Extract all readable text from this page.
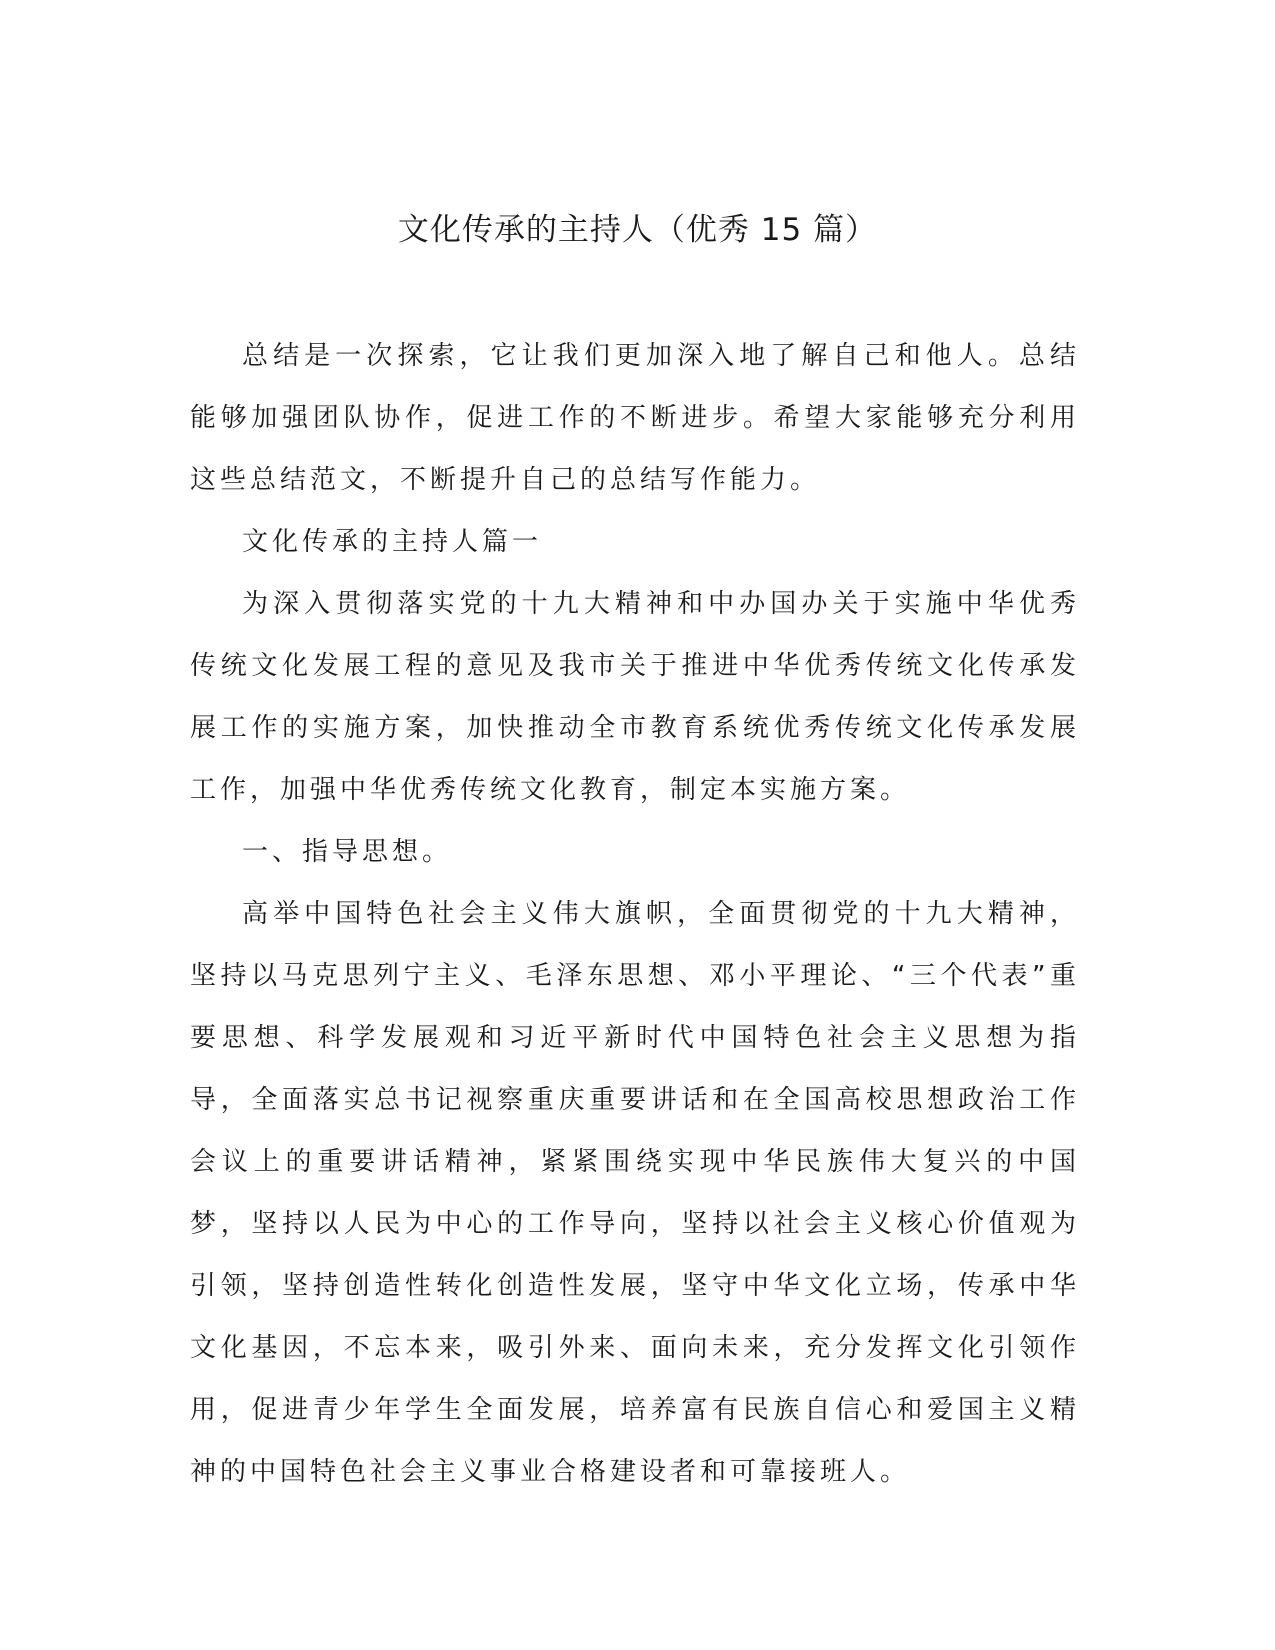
文化传承的主持人（优秀 15 篇）

总结是一次探索，它让我们更加深入地了解自己和他人。总结能够加强团队协作，促进工作的不断进步。希望大家能够充分利用这些总结范文，不断提升自己的总结写作能力。

文化传承的主持人篇一

为深入贯彻落实党的十九大精神和中办国办关于实施中华优秀传统文化发展工程的意见及我市关于推进中华优秀传统文化传承发展工作的实施方案，加快推动全市教育系统优秀传统文化传承发展工作，加强中华优秀传统文化教育，制定本实施方案。

一、指导思想。

高举中国特色社会主义伟大旗帜，全面贯彻党的十九大精神，坚持以马克思列宁主义、毛泽东思想、邓小平理论、“三个代表”重要思想、科学发展观和习近平新时代中国特色社会主义思想为指导，全面落实总书记视察重庆重要讲话和在全国高校思想政治工作会议上的重要讲话精神，紧紧围绕实现中华民族伟大复兴的中国梦，坚持以人民为中心的工作导向，坚持以社会主义核心价值观为引领，坚持创造性转化创造性发展，坚守中华文化立场，传承中华文化基因，不忘本来，吸引外来、面向未来，充分发挥文化引领作用，促进青少年学生全面发展，培养富有民族自信心和爱国主义精神的中国特色社会主义事业合格建设者和可靠接班人。
